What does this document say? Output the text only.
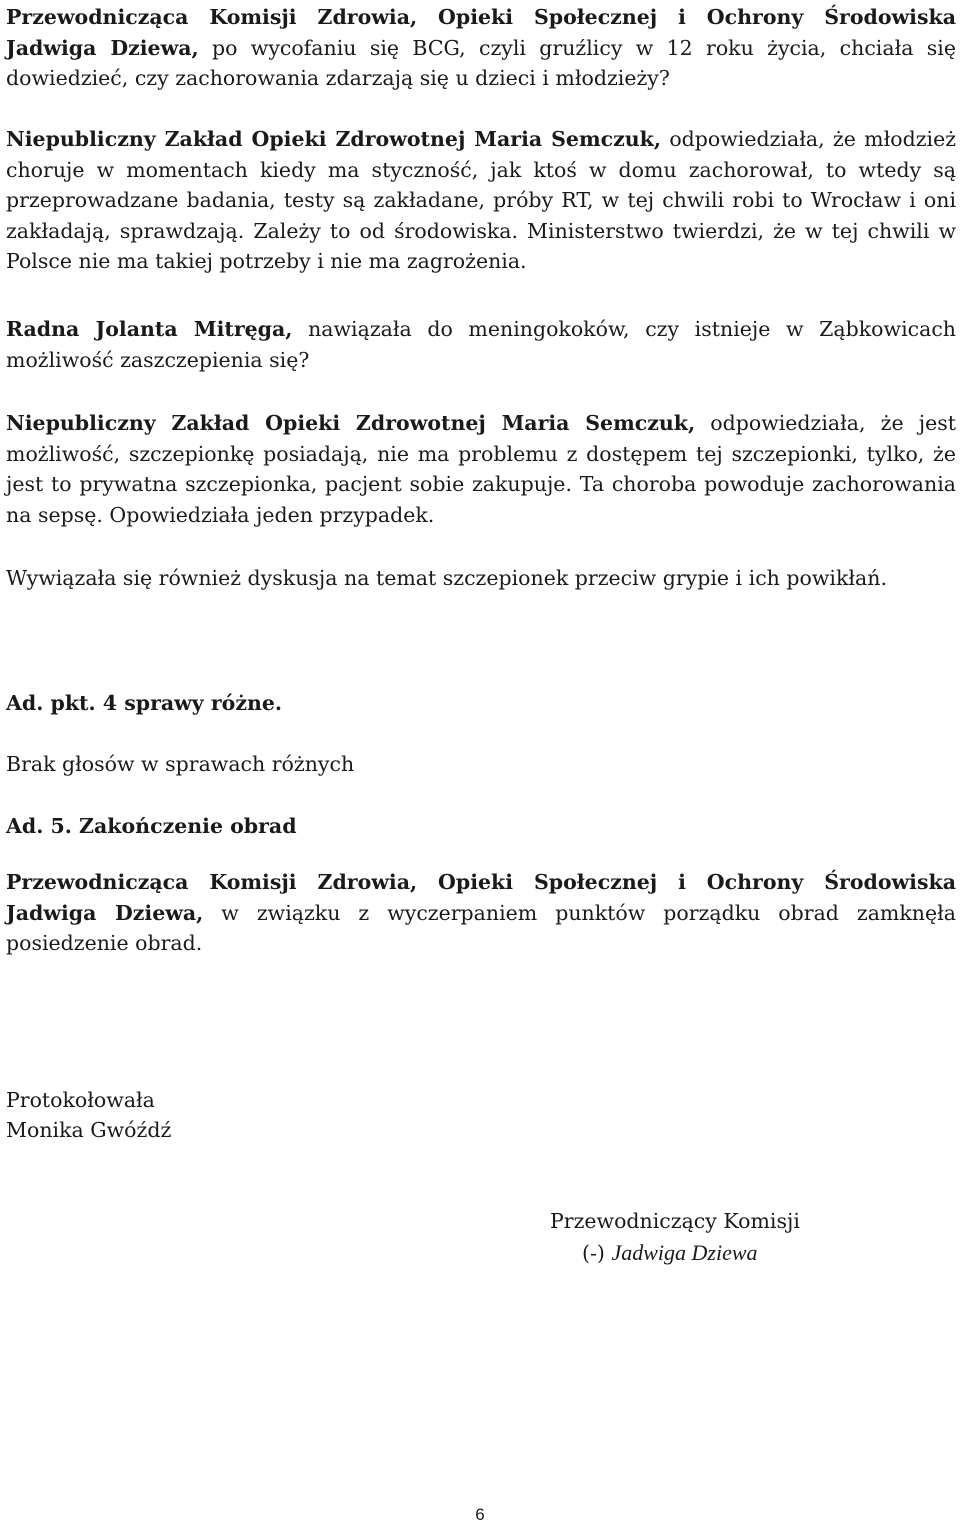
Przewodnicząca Komisji Zdrowia, Opieki Społecznej i Ochrony Środowiska Jadwiga Dziewa, po wycofaniu się BCG, czyli gruźlicy w 12 roku życia, chciała się dowiedzieć, czy zachorowania zdarzają się u dzieci i młodzieży?

Niepubliczny Zakład Opieki Zdrowotnej Maria Semczuk, odpowiedziała, że młodzież choruje w momentach kiedy ma styczność, jak ktoś w domu zachorował, to wtedy są przeprowadzane badania, testy są zakładane, próby RT, w tej chwili robi to Wrocław i oni zakładają, sprawdzają. Zależy to od środowiska. Ministerstwo twierdzi, że w tej chwili w Polsce nie ma takiej potrzeby i nie ma zagrożenia.

Radna Jolanta Mitręga, nawiązała do meningokoków, czy istnieje w Ząbkowicach możliwość zaszczepienia się?

Niepubliczny Zakład Opieki Zdrowotnej Maria Semczuk, odpowiedziała, że jest możliwość, szczepionkę posiadają, nie ma problemu z dostępem tej szczepionki, tylko, że jest to prywatna szczepionka, pacjent sobie zakupuje. Ta choroba powoduje zachorowania na sepsę. Opowiedziała jeden przypadek.

Wywiązała się również dyskusja na temat szczepionek przeciw grypie i ich powikłań.

Ad. pkt. 4 sprawy różne.

Brak głosów w sprawach różnych

Ad. 5. Zakończenie obrad

Przewodnicząca Komisji Zdrowia, Opieki Społecznej i Ochrony Środowiska Jadwiga Dziewa, w związku z wyczerpaniem punktów porządku obrad zamknęła posiedzenie obrad.

Protokołowała

Monika Gwóźdź

Przewodniczący Komisji
(-) Jadwiga Dziewa
6
